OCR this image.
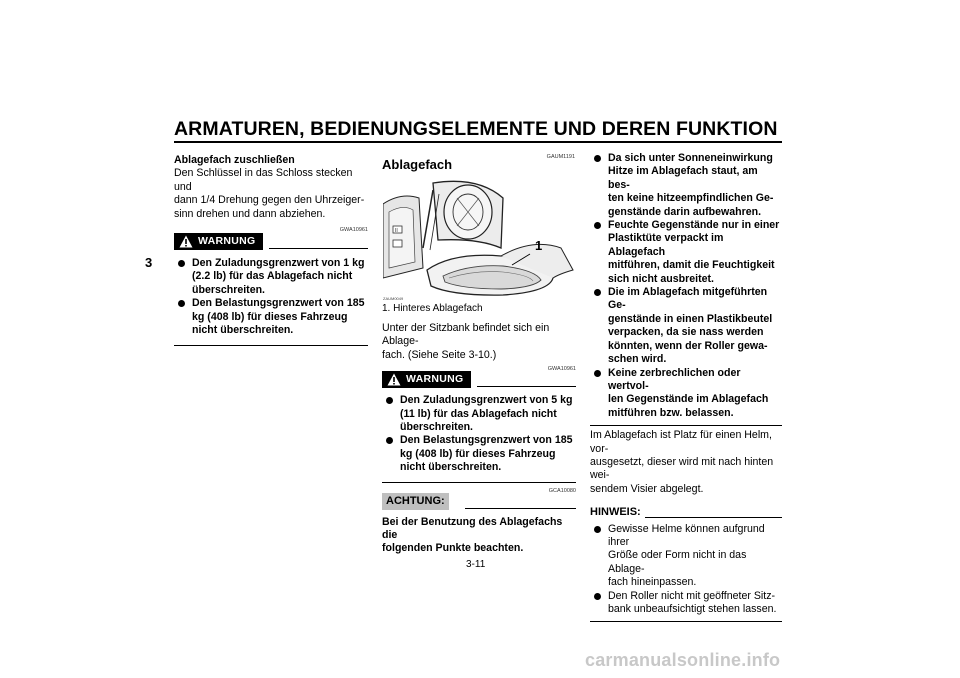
ARMATUREN, BEDIENUNGSELEMENTE UND DEREN FUNKTION
3
Ablagefach zuschließen
Den Schlüssel in das Schloss stecken und
dann 1/4 Drehung gegen den Uhrzeiger-
sinn drehen und dann abziehen.
GWA10961
WARNUNG
Den Zuladungsgrenzwert von 1 kg
(2.2 lb) für das Ablagefach nicht
überschreiten.
Den Belastungsgrenzwert von 185
kg (408 lb) für dieses Fahrzeug
nicht überschreiten.
GAUM1191
Ablagefach
II
ZAUM0049
1
1. Hinteres Ablagefach
Unter der Sitzbank befindet sich ein Ablage-
fach. (Siehe Seite 3-10.)
GWA10961
WARNUNG
Den Zuladungsgrenzwert von 5 kg
(11 lb) für das Ablagefach nicht
überschreiten.
Den Belastungsgrenzwert von 185
kg (408 lb) für dieses Fahrzeug
nicht überschreiten.
GCA10080
ACHTUNG:
Bei der Benutzung des Ablagefachs die
folgenden Punkte beachten.
Da sich unter Sonneneinwirkung
Hitze im Ablagefach staut, am bes-
ten keine hitzeempfindlichen Ge-
genstände darin aufbewahren.
Feuchte Gegenstände nur in einer
Plastiktüte verpackt im Ablagefach
mitführen, damit die Feuchtigkeit
sich nicht ausbreitet.
Die im Ablagefach mitgeführten Ge-
genstände in einen Plastikbeutel
verpacken, da sie nass werden
könnten, wenn der Roller gewa-
schen wird.
Keine zerbrechlichen oder wertvol-
len Gegenstände im Ablagefach
mitführen bzw. belassen.
Im Ablagefach ist Platz für einen Helm, vor-
ausgesetzt, dieser wird mit nach hinten wei-
sendem Visier abgelegt.
HINWEIS:
Gewisse Helme können aufgrund ihrer
Größe oder Form nicht in das Ablage-
fach hineinpassen.
Den Roller nicht mit geöffneter Sitz-
bank unbeaufsichtigt stehen lassen.
3-11
carmanualsonline.info
